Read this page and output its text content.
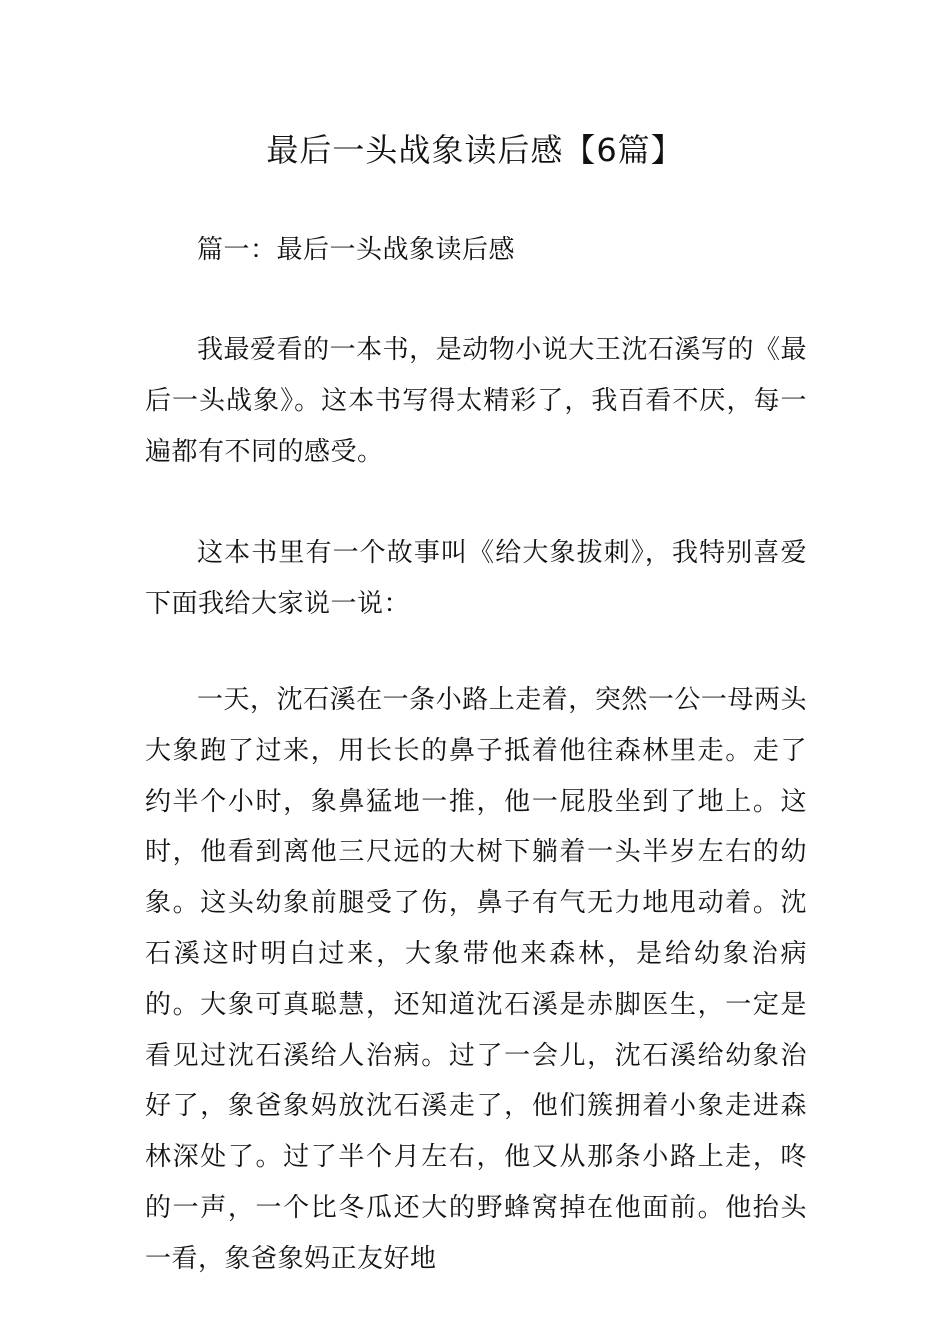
最后一头战象读后感【6篇】

篇一：最后一头战象读后感

我最爱看的一本书，是动物小说大王沈石溪写的《最后一头战象》。这本书写得太精彩了，我百看不厌，每一遍都有不同的感受。

这本书里有一个故事叫《给大象拔刺》，我特别喜爱下面我给大家说一说：

一天，沈石溪在一条小路上走着，突然一公一母两头大象跑了过来，用长长的鼻子抵着他往森林里走。走了约半个小时，象鼻猛地一推，他一屁股坐到了地上。这时，他看到离他三尺远的大树下躺着一头半岁左右的幼象。这头幼象前腿受了伤，鼻子有气无力地甩动着。沈石溪这时明白过来，大象带他来森林，是给幼象治病的。大象可真聪慧，还知道沈石溪是赤脚医生，一定是看见过沈石溪给人治病。过了一会儿，沈石溪给幼象治好了，象爸象妈放沈石溪走了，他们簇拥着小象走进森林深处了。过了半个月左右，他又从那条小路上走，咚的一声，一个比冬瓜还大的野蜂窝掉在他面前。他抬头一看，象爸象妈正友好地
